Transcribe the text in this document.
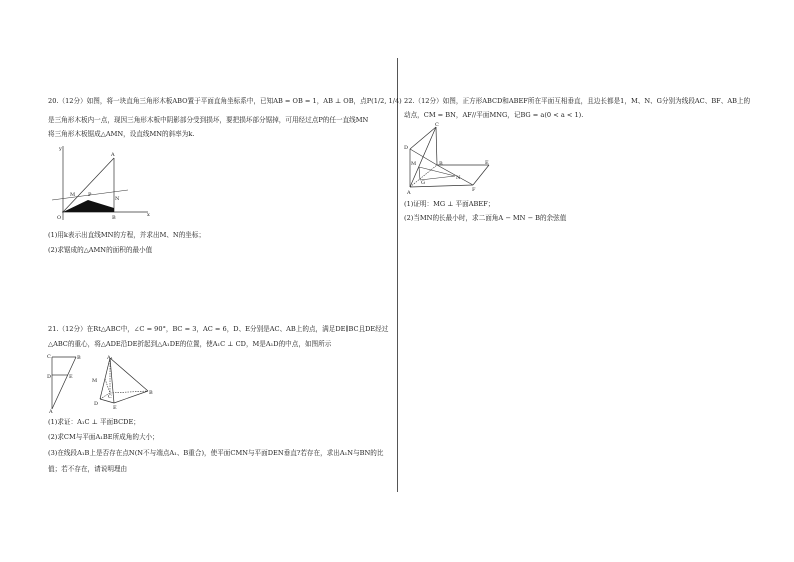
20.（12分）如图，将一块直角三角形木板ABO置于平面直角坐标系中，已知AB = OB = 1，AB ⊥ OB，点P(1/2, 1/4)
是三角形木板内一点，现因三角形木板中阴影部分受到损坏，要把损坏部分锯掉，可用经过点P的任一直线MN
将三角形木板锯成△AMN，设直线MN的斜率为k.
y
A
M	P
N
O	B	x
(1)用k表示出直线MN的方程，并求出M、N的坐标；
(2)求锯成的△AMN的面积的最小值
21.（12分）在Rt△ABC中，∠C = 90°，BC = 3，AC = 6，D、E分别是AC、AB上的点，满足DE∥BC且DE经过
△ABC的重心，将△ADE沿DE折起到△A₁DE的位置，使A₁C ⊥ CD，M是A₁D的中点，如图所示
C
D	E
A
B	A₁
M
C
B
D
E
(1)求证：A₁C ⊥ 平面BCDE；
(2)求CM与平面A₁BE所成角的大小；
(3)在线段A₁B上是否存在点N(N不与端点A₁、B重合)，使平面CMN与平面DEN垂直?若存在，求出A₁N与BN的比
值；若不存在，请说明理由
22.（12分）如图，正方形ABCD和ABEF所在平面互相垂直，且边长都是1，M、N、G分别为线段AC、BF、AB上的
动点，CM = BN，AF//平面MNG，记BG = a(0 < a < 1).
C
D
E
M	B
N
G
A	F
(1)证明：MG ⊥ 平面ABEF；
(2)当MN的长最小时，求二面角A − MN − B的余弦值
